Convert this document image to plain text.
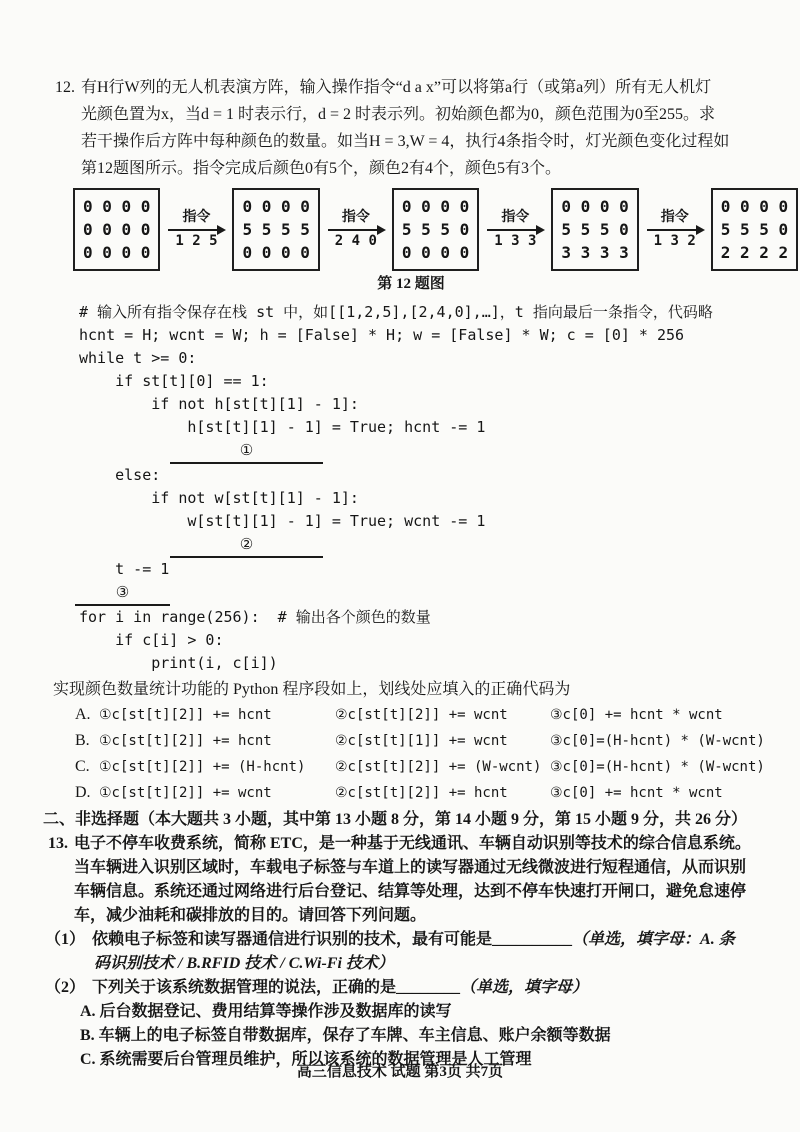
12. 有H行W列的无人机表演方阵，输入操作指令“d a x”可以将第a行（或第a列）所有无人机灯
光颜色置为x，当d = 1 时表示行，d = 2 时表示列。初始颜色都为0，颜色范围为0至255。求
若干操作后方阵中每种颜色的数量。如当H = 3,W = 4，执行4条指令时，灯光颜色变化过程如
第12题图所示。指令完成后颜色0有5个，颜色2有4个，颜色5有3个。
0 0 0 0
0 0 0 0
0 0 0 0
指令
1 2 5
0 0 0 0
5 5 5 5
0 0 0 0
指令
2 4 0
0 0 0 0
5 5 5 0
0 0 0 0
指令
1 3 3
0 0 0 0
5 5 5 0
3 3 3 3
指令
1 3 2
0 0 0 0
5 5 5 0
2 2 2 2
第 12 题图
# 输入所有指令保存在栈 st 中，如[[1,2,5],[2,4,0],…]，t 指向最后一条指令，代码略
hcnt = H; wcnt = W; h = [False] * H; w = [False] * W; c = [0] * 256
while t >= 0:
if st[t][0] == 1:
if not h[st[t][1] - 1]:
h[st[t][1] - 1] = True; hcnt -= 1
①
else:
if not w[st[t][1] - 1]:
w[st[t][1] - 1] = True; wcnt -= 1
②
t -= 1
③
for i in range(256):  # 输出各个颜色的数量
if c[i] > 0:
print(i, c[i])
实现颜色数量统计功能的 Python 程序段如上，划线处应填入的正确代码为
A. ①c[st[t][2]] += hcnt	②c[st[t][2]] += wcnt	③c[0] += hcnt * wcnt
B. ①c[st[t][2]] += hcnt	②c[st[t][1]] += wcnt	③c[0]=(H-hcnt) * (W-wcnt)
C. ①c[st[t][2]] += (H-hcnt)	②c[st[t][2]] += (W-wcnt) ③c[0]=(H-hcnt) * (W-wcnt)
D. ①c[st[t][2]] += wcnt	②c[st[t][2]] += hcnt	③c[0] += hcnt * wcnt
二、非选择题（本大题共 3 小题，其中第 13 小题 8 分，第 14 小题 9 分，第 15 小题 9 分，共 26 分）
13. 电子不停车收费系统，简称 ETC，是一种基于无线通讯、车辆自动识别等技术的综合信息系统。
当车辆进入识别区域时，车载电子标签与车道上的读写器通过无线微波进行短程通信，从而识别
车辆信息。系统还通过网络进行后台登记、结算等处理，达到不停车快速打开闸口，避免怠速停
车，减少油耗和碳排放的目的。请回答下列问题。
（1） 依赖电子标签和读写器通信进行识别的技术，最有可能是__________（单选，填字母：A. 条
码识别技术 / B.RFID 技术 / C.Wi-Fi 技术）
（2） 下列关于该系统数据管理的说法，正确的是________（单选，填字母）
A. 后台数据登记、费用结算等操作涉及数据库的读写
B. 车辆上的电子标签自带数据库，保存了车牌、车主信息、账户余额等数据
C. 系统需要后台管理员维护，所以该系统的数据管理是人工管理
高三信息技术 试题 第3页 共7页
